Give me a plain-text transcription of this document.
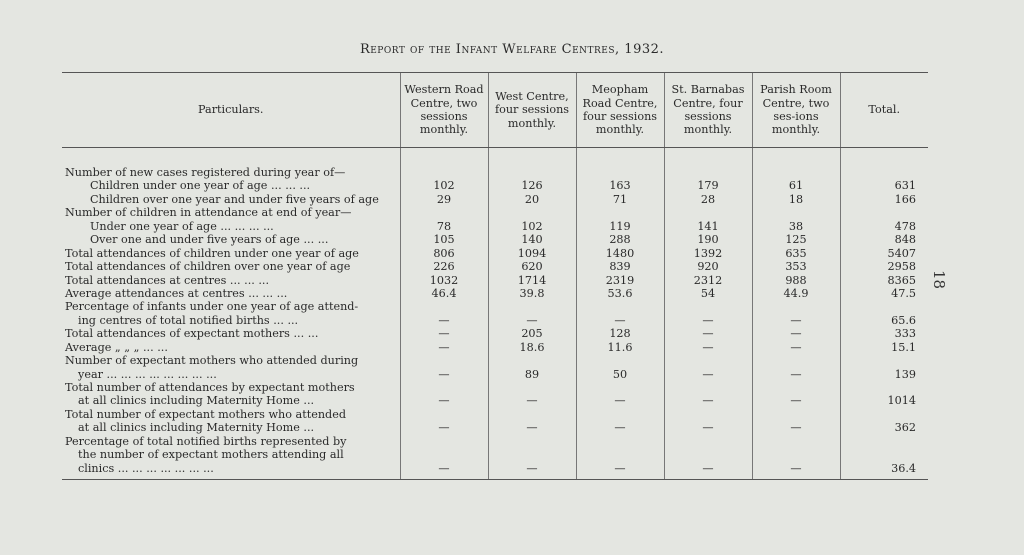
Report of the Infant Welfare Centres, 1932.
18
Particulars.	Western Road Centre, two sessions monthly.	West Centre, four sessions monthly.	Meopham Road Centre, four sessions monthly.	St. Barnabas Centre, four sessions monthly.	Parish Room Centre, two ses-ions monthly.	Total.

Number of new cases registered during year of—						
Children under one year of age ... ... ...	102	126	163	179	61	631
Children over one year and under five years of age	29	20	71	28	18	166
Number of children in attendance at end of year—						
Under one year of age ... ... ... ...	78	102	119	141	38	478
Over one and under five years of age ... ...	105	140	288	190	125	848
Total attendances of children under one year of age	806	1094	1480	1392	635	5407
Total attendances of children over one year of age	226	620	839	920	353	2958
Total attendances at centres ... ... ...	1032	1714	2319	2312	988	8365
Average attendances at centres ... ... ...	46.4	39.8	53.6	54	44.9	47.5
Percentage of infants under one year of age attend-						
ing centres of total notified births ... ...	—	—	—	—	—	65.6
Total attendances of expectant mothers ... ...	—	205	128	—	—	333
Average „ „ „ ... ...	—	18.6	11.6	—	—	15.1
Number of expectant mothers who attended during						
year ... ... ... ... ... ... ... ...	—	89	50	—	—	139
Total number of attendances by expectant mothers						
at all clinics including Maternity Home ...	—	—	—	—	—	1014
Total number of expectant mothers who attended						
at all clinics including Maternity Home ...	—	—	—	—	—	362
Percentage of total notified births represented by						
the number of expectant mothers attending all						
clinics ... ... ... ... ... ... ...	—	—	—	—	—	36.4
